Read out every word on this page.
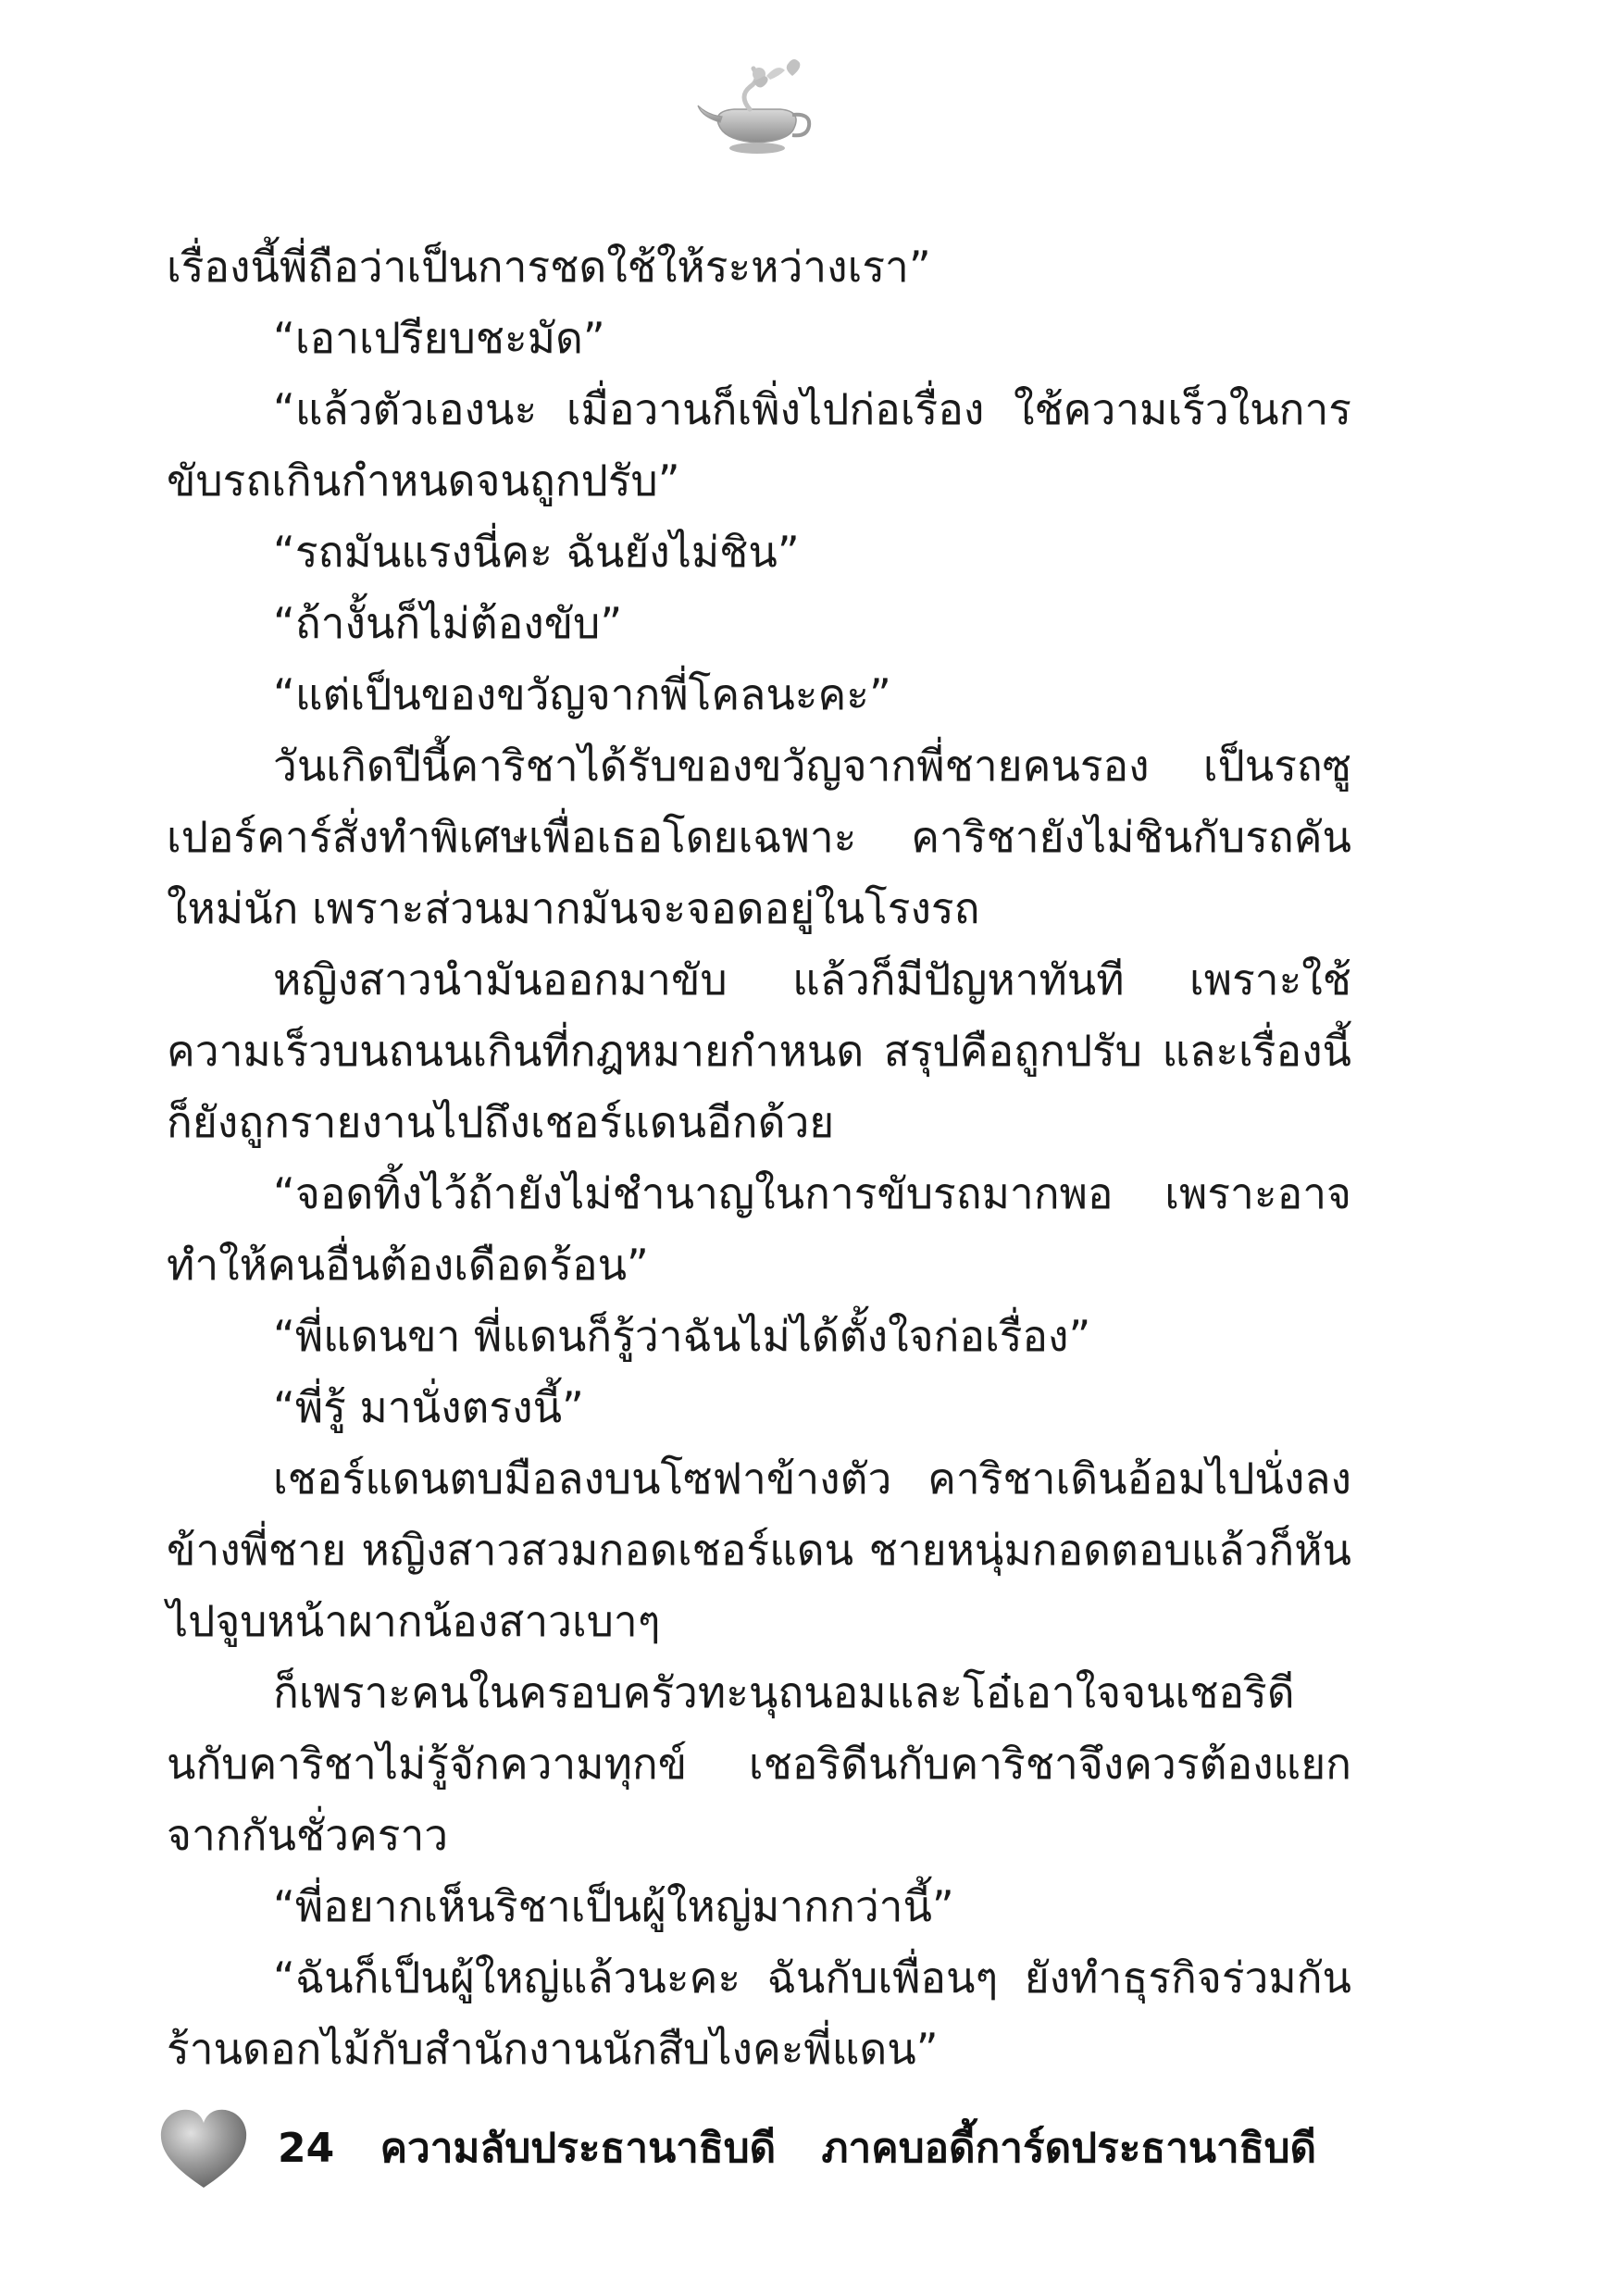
เรื่องนี้พี่ถือว่าเป็นการชดใช้ให้ระหว่างเรา”

“เอาเปรียบชะมัด”

“แล้วตัวเองนะ เมื่อวานก็เพิ่งไปก่อเรื่อง ใช้ความเร็วในการขับรถเกินกำหนดจนถูกปรับ”

“รถมันแรงนี่คะ ฉันยังไม่ชิน”

“ถ้างั้นก็ไม่ต้องขับ”

“แต่เป็นของขวัญจากพี่โคลนะคะ”

วันเกิดปีนี้คาริชาได้รับของขวัญจากพี่ชายคนรอง เป็นรถซูเปอร์คาร์สั่งทำพิเศษเพื่อเธอโดยเฉพาะ คาริชายังไม่ชินกับรถคันใหม่นัก เพราะส่วนมากมันจะจอดอยู่ในโรงรถ

หญิงสาวนำมันออกมาขับ แล้วก็มีปัญหาทันที เพราะใช้ความเร็วบนถนนเกินที่กฎหมายกำหนด สรุปคือถูกปรับ และเรื่องนี้ก็ยังถูกรายงานไปถึงเชอร์แดนอีกด้วย

“จอดทิ้งไว้ถ้ายังไม่ชำนาญในการขับรถมากพอ เพราะอาจทำให้คนอื่นต้องเดือดร้อน”

“พี่แดนขา พี่แดนก็รู้ว่าฉันไม่ได้ตั้งใจก่อเรื่อง”

“พี่รู้ มานั่งตรงนี้”

เชอร์แดนตบมือลงบนโซฟาข้างตัว คาริชาเดินอ้อมไปนั่งลงข้างพี่ชาย หญิงสาวสวมกอดเชอร์แดน ชายหนุ่มกอดตอบแล้วก็หันไปจูบหน้าผากน้องสาวเบาๆ

ก็เพราะคนในครอบครัวทะนุถนอมและโอ๋เอาใจจนเชอริดีนกับคาริชาไม่รู้จักความทุกข์ เชอริดีนกับคาริชาจึงควรต้องแยกจากกันชั่วคราว

“พี่อยากเห็นริชาเป็นผู้ใหญ่มากกว่านี้”

“ฉันก็เป็นผู้ใหญ่แล้วนะคะ ฉันกับเพื่อนๆ ยังทำธุรกิจร่วมกันร้านดอกไม้กับสำนักงานนักสืบไงคะพี่แดน”

24 ความลับประธานาธิบดี ภาคบอดี้การ์ดประธานาธิบดี
